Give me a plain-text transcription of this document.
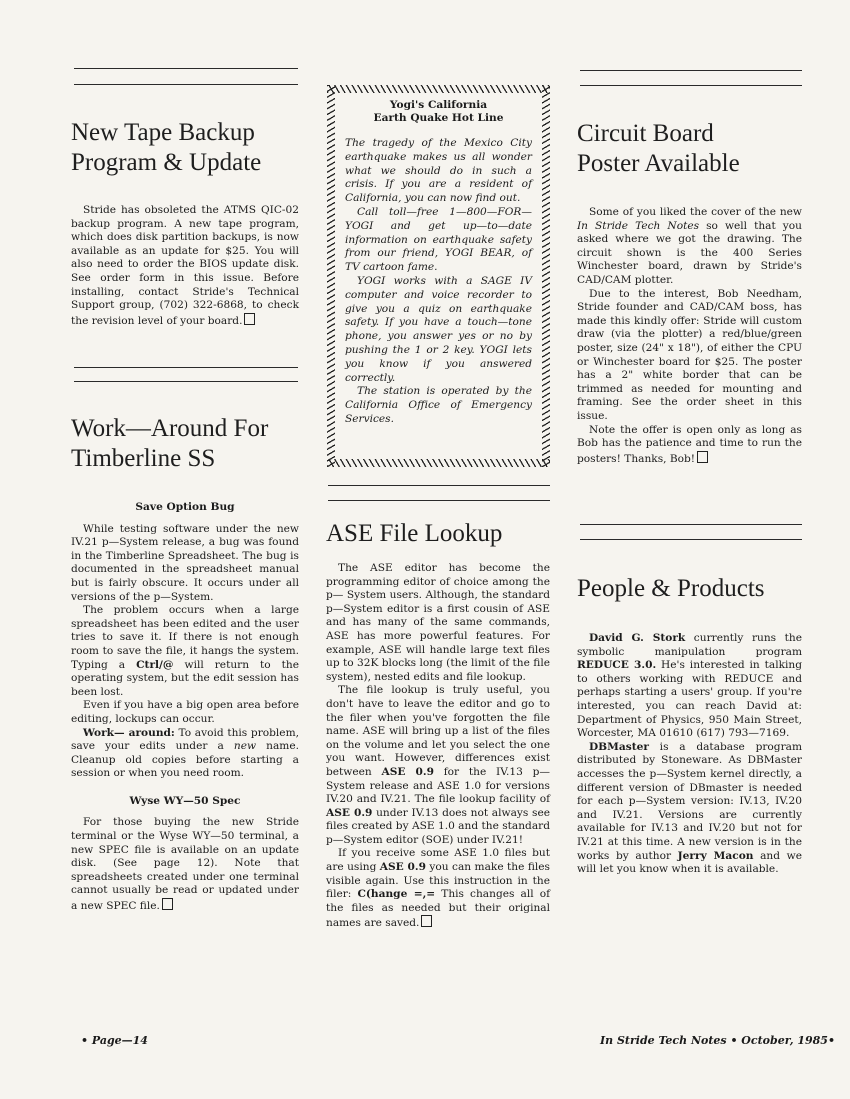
New Tape Backup
Program & Update

Stride has obsoleted the ATMS QIC-02 backup program. A new tape program, which does disk partition backups, is now available as an update for $25. You will also need to order the BIOS update disk. See order form in this issue. Before installing, contact Stride's Technical Support group, (702) 322-6868, to check the revision level of your board.

Work—Around For
Timberline SS
Save Option Bug

While testing software under the new IV.21 p—System release, a bug was found in the Timberline Spreadsheet. The bug is documented in the spreadsheet manual but is fairly obscure. It occurs under all versions of the p—System.

The problem occurs when a large spreadsheet has been edited and the user tries to save it. If there is not enough room to save the file, it hangs the system. Typing a Ctrl/@ will return to the operating system, but the edit session has been lost.

Even if you have a big open area before editing, lockups can occur.

Work— around: To avoid this problem, save your edits under a new name. Cleanup old copies before starting a session or when you need room.

Wyse WY—50 Spec

For those buying the new Stride terminal or the Wyse WY—50 terminal, a new SPEC file is available on an update disk. (See page 12). Note that spreadsheets created under one terminal cannot usually be read or updated under a new SPEC file.

Yogi's California
Earth Quake Hot Line

The tragedy of the Mexico City earthquake makes us all wonder what we should do in such a crisis. If you are a resident of California, you can now find out.

Call toll—free 1—800—FOR—YOGI and get up—to—date information on earthquake safety from our friend, YOGI BEAR, of TV cartoon fame.

YOGI works with a SAGE IV computer and voice recorder to give you a quiz on earthquake safety. If you have a touch—tone phone, you answer yes or no by pushing the 1 or 2 key. YOGI lets you know if you answered correctly.

The station is operated by the California Office of Emergency Services.

ASE File Lookup

The ASE editor has become the programming editor of choice among the p— System users. Although, the standard p—System editor is a first cousin of ASE and has many of the same commands, ASE has more powerful features. For example, ASE will handle large text files up to 32K blocks long (the limit of the file system), nested edits and file lookup.

The file lookup is truly useful, you don't have to leave the editor and go to the filer when you've forgotten the file name. ASE will bring up a list of the files on the volume and let you select the one you want. However, differences exist between ASE 0.9 for the IV.13 p—System release and ASE 1.0 for versions IV.20 and IV.21. The file lookup facility of ASE 0.9 under IV.13 does not always see files created by ASE 1.0 and the standard p—System editor (SOE) under IV.21!

If you receive some ASE 1.0 files but are using ASE 0.9 you can make the files visible again. Use this instruction in the filer: C(hange =,= This changes all of the files as needed but their original names are saved.

Circuit Board
Poster Available

Some of you liked the cover of the new In Stride Tech Notes so well that you asked where we got the drawing. The circuit shown is the 400 Series Winchester board, drawn by Stride's CAD/CAM plotter.

Due to the interest, Bob Needham, Stride founder and CAD/CAM boss, has made this kindly offer: Stride will custom draw (via the plotter) a red/blue/green poster, size (24" x 18"), of either the CPU or Winchester board for $25. The poster has a 2" white border that can be trimmed as needed for mounting and framing. See the order sheet in this issue.

Note the offer is open only as long as Bob has the patience and time to run the posters! Thanks, Bob!

People & Products

David G. Stork currently runs the symbolic manipulation program REDUCE 3.0. He's interested in talking to others working with REDUCE and perhaps starting a users' group. If you're interested, you can reach David at: Department of Physics, 950 Main Street, Worcester, MA 01610 (617) 793—7169.

DBMaster is a database program distributed by Stoneware. As DBMaster accesses the p—System kernel directly, a different version of DBmaster is needed for each p—System version: IV.13, IV.20 and IV.21. Versions are currently available for IV.13 and IV.20 but not for IV.21 at this time. A new version is in the works by author Jerry Macon and we will let you know when it is available.

• Page—14	In Stride Tech Notes • October, 1985•
